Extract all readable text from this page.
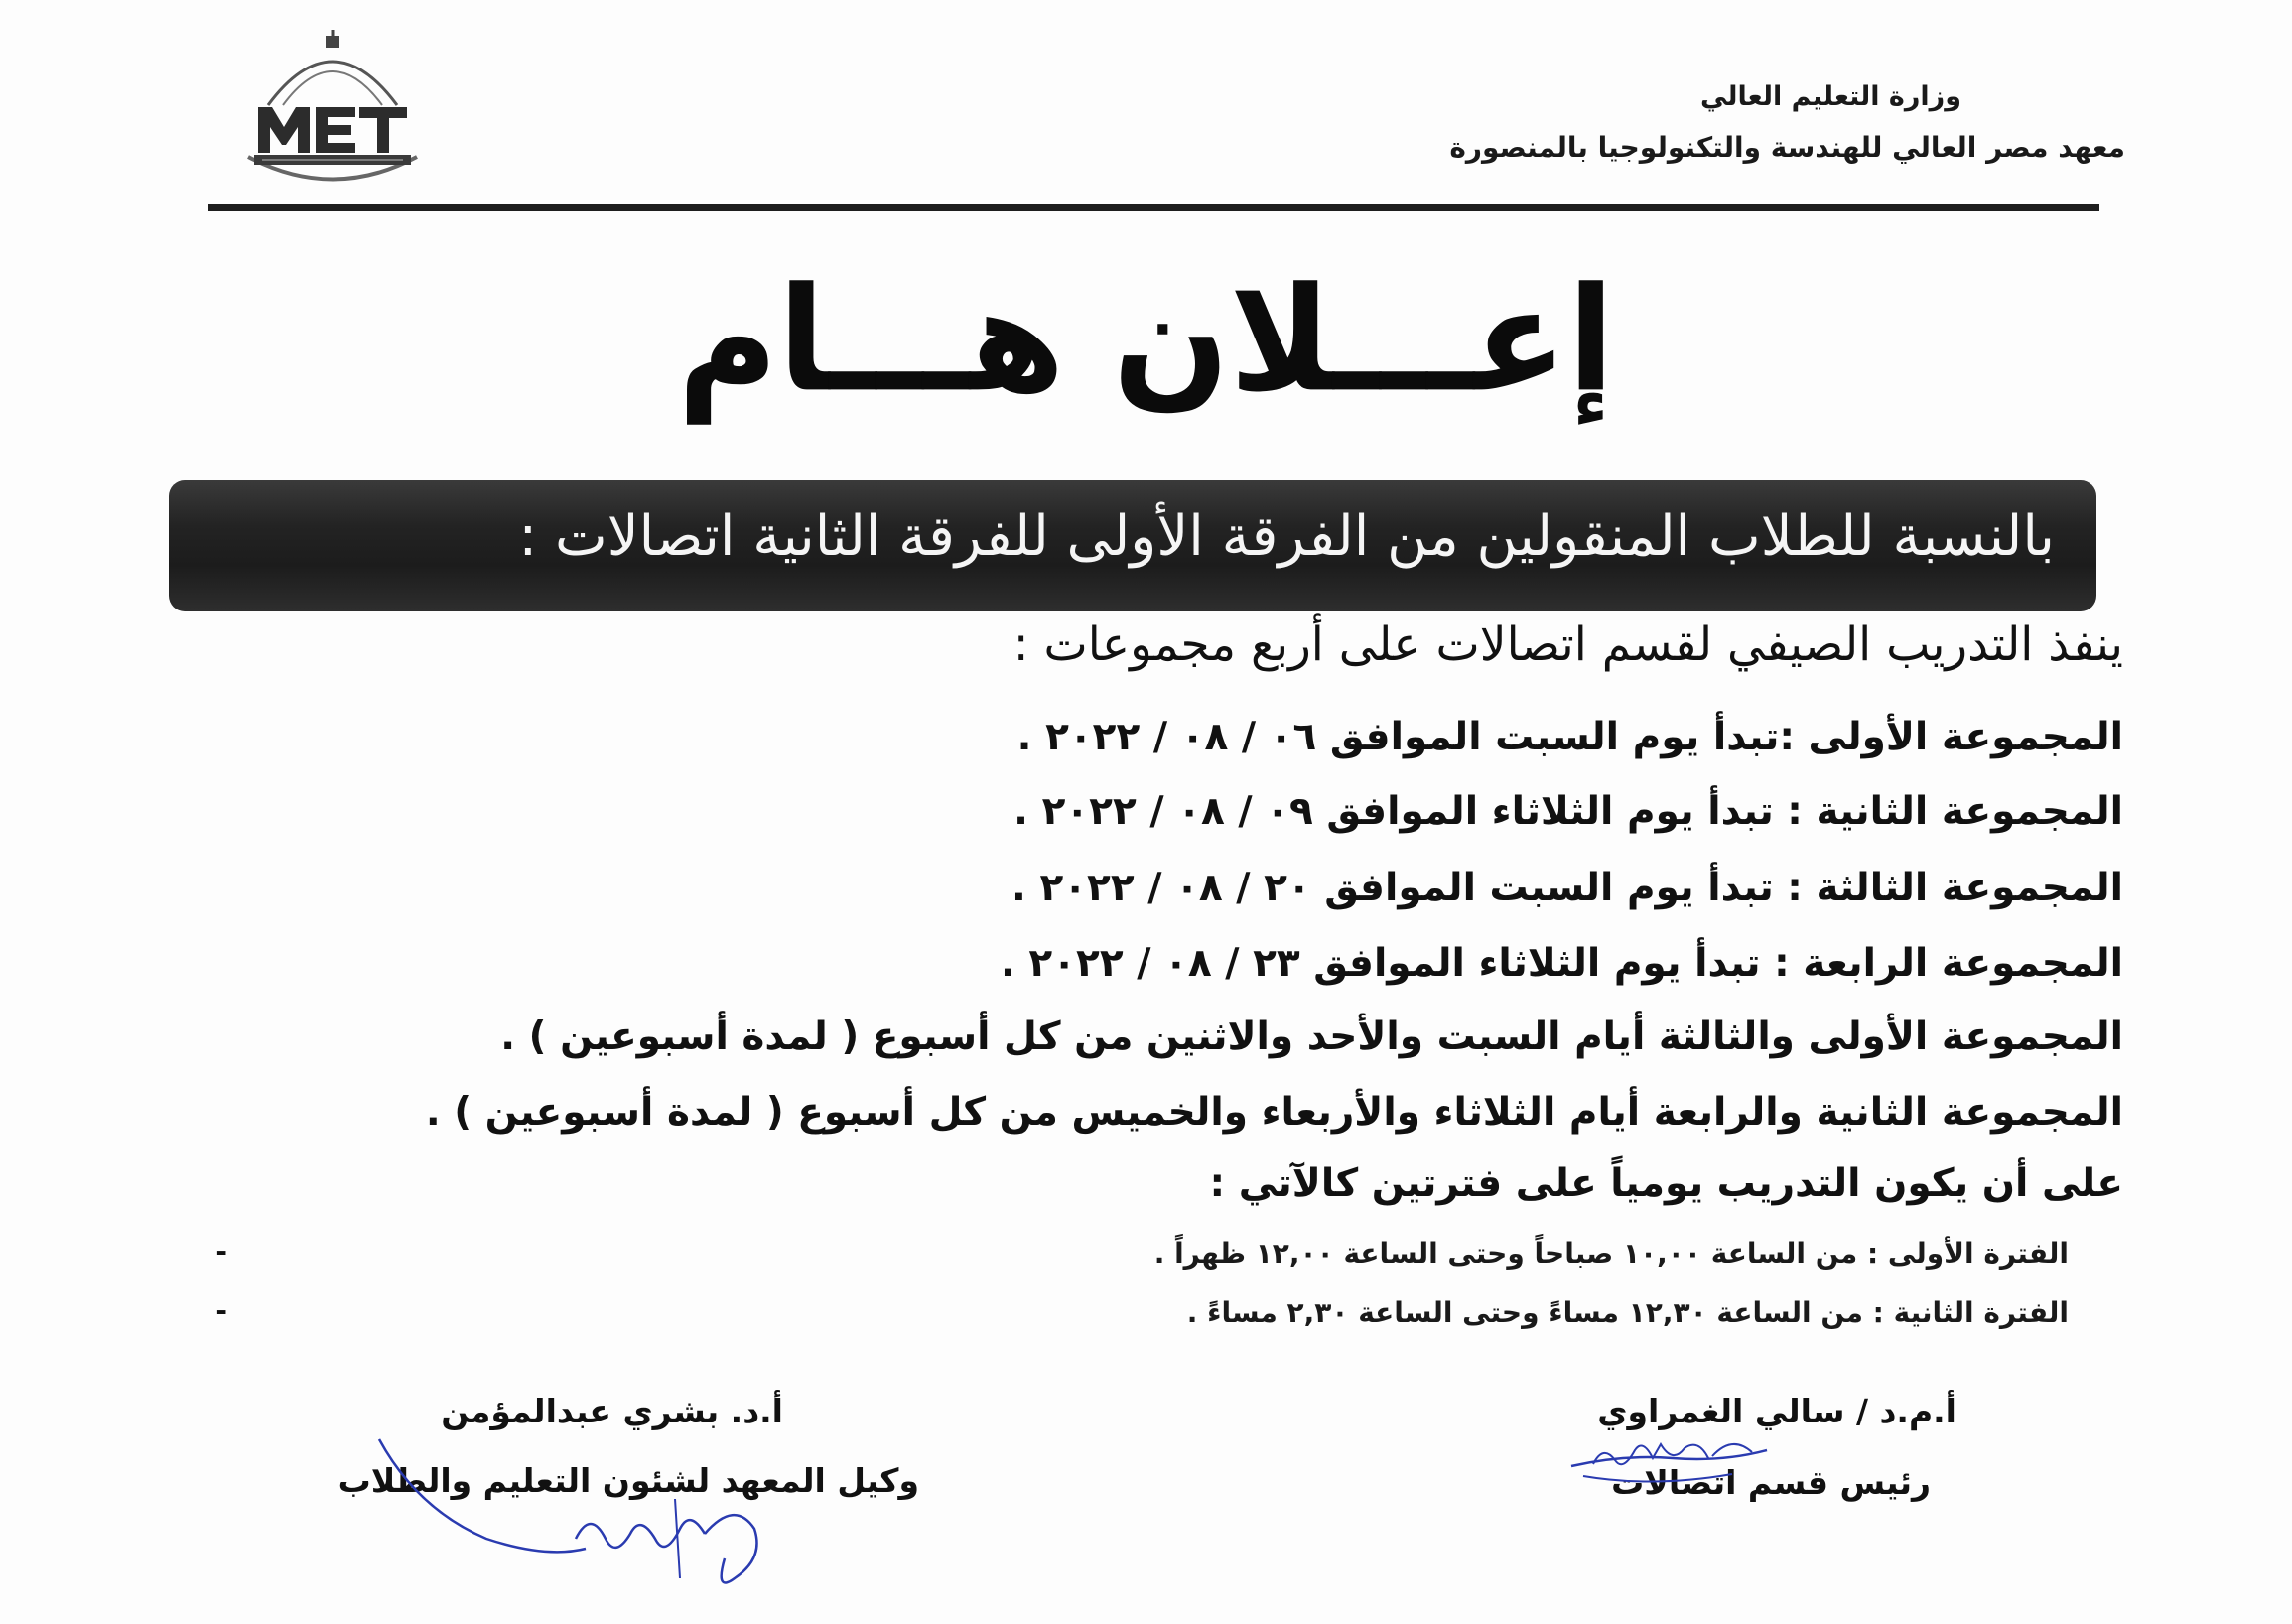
وزارة التعليم العالي
معهد مصر العالي للهندسة والتكنولوجيا بالمنصورة
إعـــلان هـــام
بالنسبة للطلاب المنقولين من الفرقة الأولى للفرقة الثانية اتصالات :
ينفذ التدريب الصيفي لقسم اتصالات على أربع مجموعات :
المجموعة الأولى :تبدأ يوم السبت الموافق ٠٦ / ٠٨ / ٢٠٢٢ .
المجموعة الثانية : تبدأ يوم الثلاثاء الموافق ٠٩ / ٠٨ / ٢٠٢٢ .
المجموعة الثالثة : تبدأ يوم السبت الموافق ٢٠ / ٠٨ / ٢٠٢٢ .
المجموعة الرابعة : تبدأ يوم الثلاثاء الموافق ٢٣ / ٠٨ / ٢٠٢٢ .
المجموعة الأولى والثالثة أيام السبت والأحد والاثنين من كل أسبوع ( لمدة أسبوعين ) .
المجموعة الثانية والرابعة أيام الثلاثاء والأربعاء والخميس من كل أسبوع ( لمدة أسبوعين ) .
على أن يكون التدريب يومياً على فترتين كالآتي :
الفترة الأولى : من الساعة ١٠,٠٠ صباحاً وحتى الساعة ١٢,٠٠ ظهراً .
-
الفترة الثانية : من الساعة ١٢,٣٠ مساءً وحتى الساعة ٢,٣٠ مساءً .
-
أ.م.د / سالي الغمراوي
رئيس قسم اتصالات
أ.د. بشري عبدالمؤمن
وكيل المعهد لشئون التعليم والطلاب
